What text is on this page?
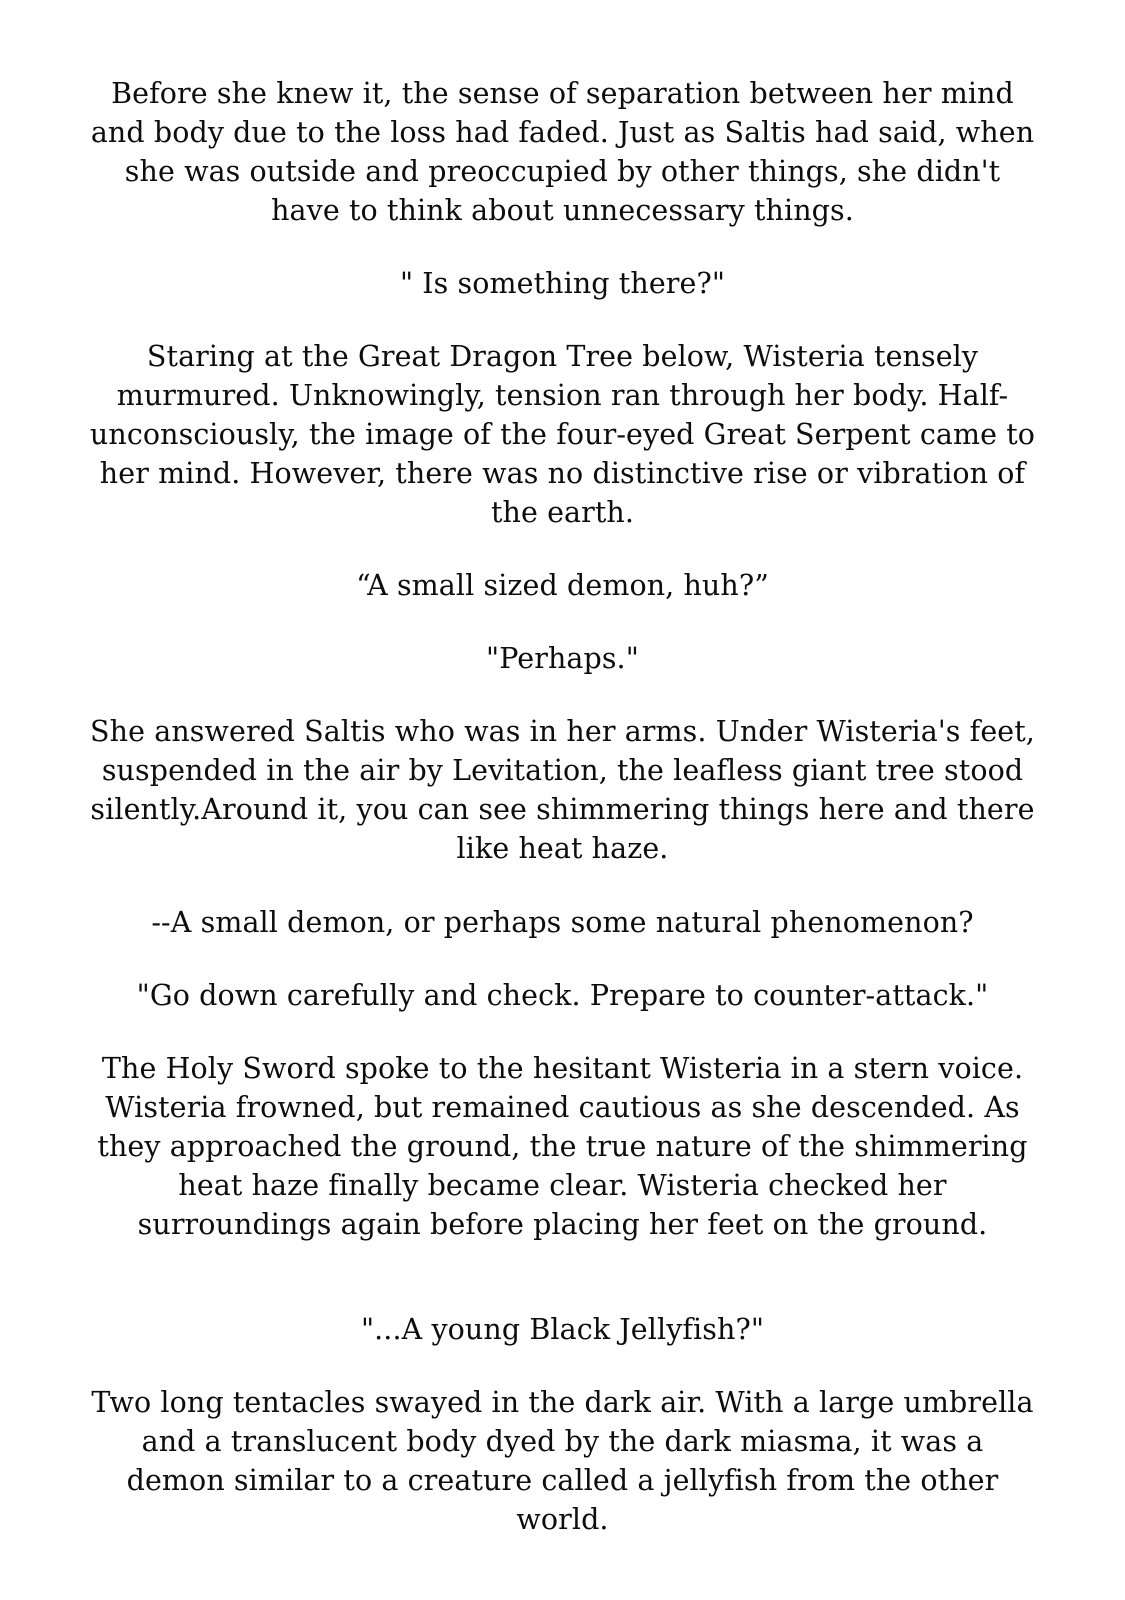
Before she knew it, the sense of separation between her mind and body due to the loss had faded. Just as Saltis had said, when she was outside and preoccupied by other things, she didn't have to think about unnecessary things.

" Is something there?"

Staring at the Great Dragon Tree below, Wisteria tensely murmured. Unknowingly, tension ran through her body. Half-unconsciously, the image of the four-eyed Great Serpent came to her mind. However, there was no distinctive rise or vibration of the earth.

“A small sized demon, huh?”

"Perhaps."

She answered Saltis who was in her arms. Under Wisteria's feet, suspended in the air by Levitation, the leafless giant tree stood silently.Around it, you can see shimmering things here and there like heat haze.

--A small demon, or perhaps some natural phenomenon?

"Go down carefully and check. Prepare to counter-attack."

The Holy Sword spoke to the hesitant Wisteria in a stern voice. Wisteria frowned, but remained cautious as she descended. As they approached the ground, the true nature of the shimmering heat haze finally became clear. Wisteria checked her surroundings again before placing her feet on the ground.

"...A young Black Jellyfish?"

Two long tentacles swayed in the dark air. With a large umbrella and a translucent body dyed by the dark miasma, it was a demon similar to a creature called a jellyfish from the other world.
